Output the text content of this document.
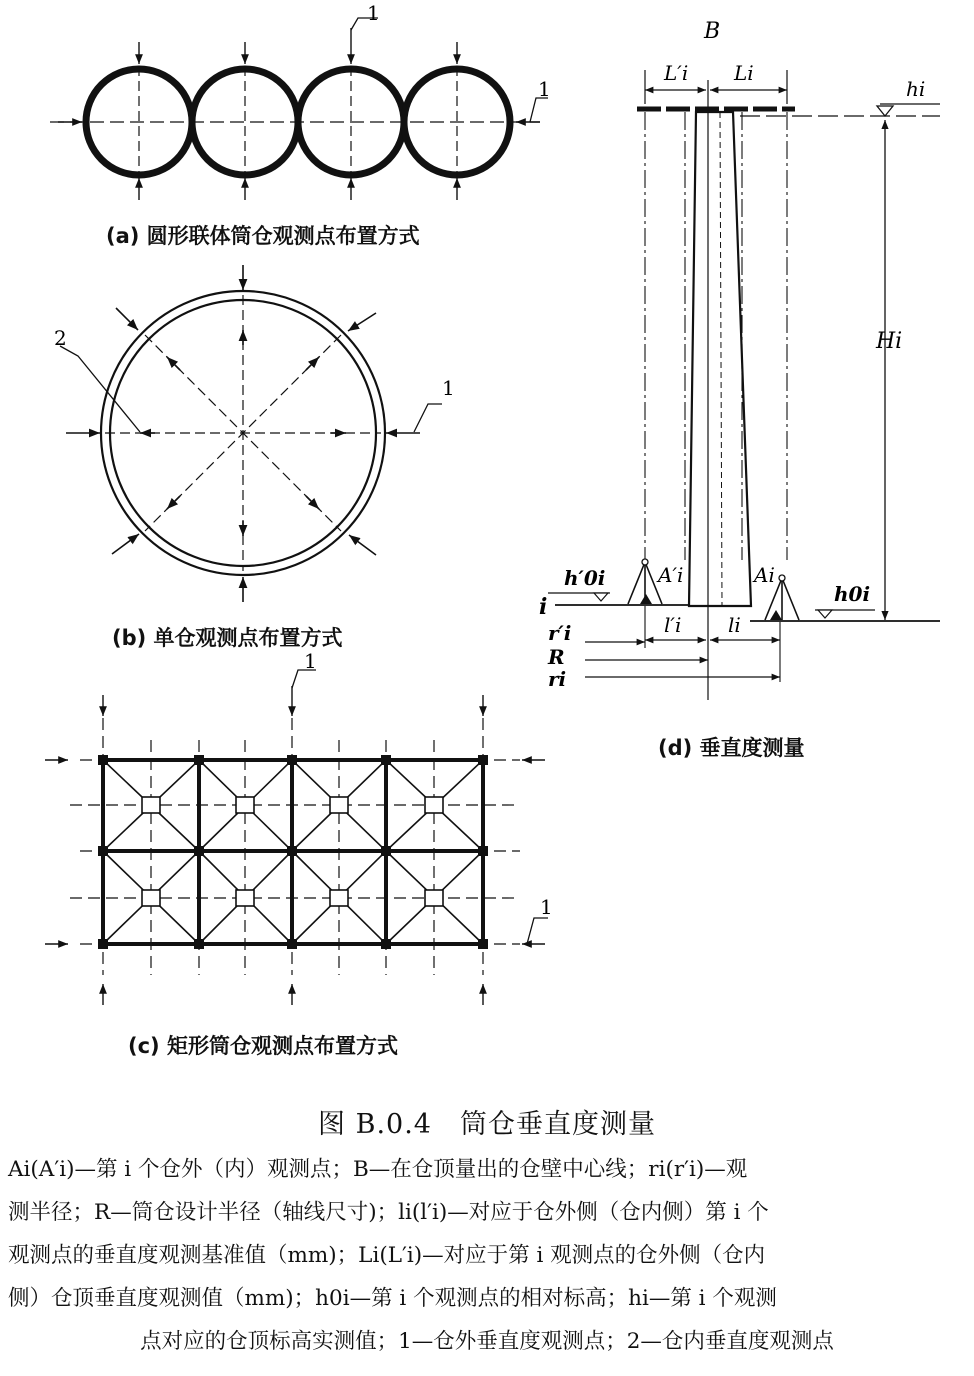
1
1
2
1
1
1
B
L′i Li
hi
Hi
A′i	Ai
h′0i
h0i
i
l′i li
r′i
R
ri
(a) 圆形联体筒仓观测点布置方式
(b) 单仓观测点布置方式
(c) 矩形筒仓观测点布置方式
(d) 垂直度测量
图 B.0.4　筒仓垂直度测量

Ai(A′i)—第 i 个仓外（内）观测点；B—在仓顶量出的仓壁中心线；ri(r′i)—观

测半径；R—筒仓设计半径（轴线尺寸)；li(l′i)—对应于仓外侧（仓内侧）第 i 个

观测点的垂直度观测基准值（mm)；Li(L′i)—对应于第 i 观测点的仓外侧（仓内

侧）仓顶垂直度观测值（mm)；h0i—第 i 个观测点的相对标高；hi—第 i 个观测

点对应的仓顶标高实测值；1—仓外垂直度观测点；2—仓内垂直度观测点
